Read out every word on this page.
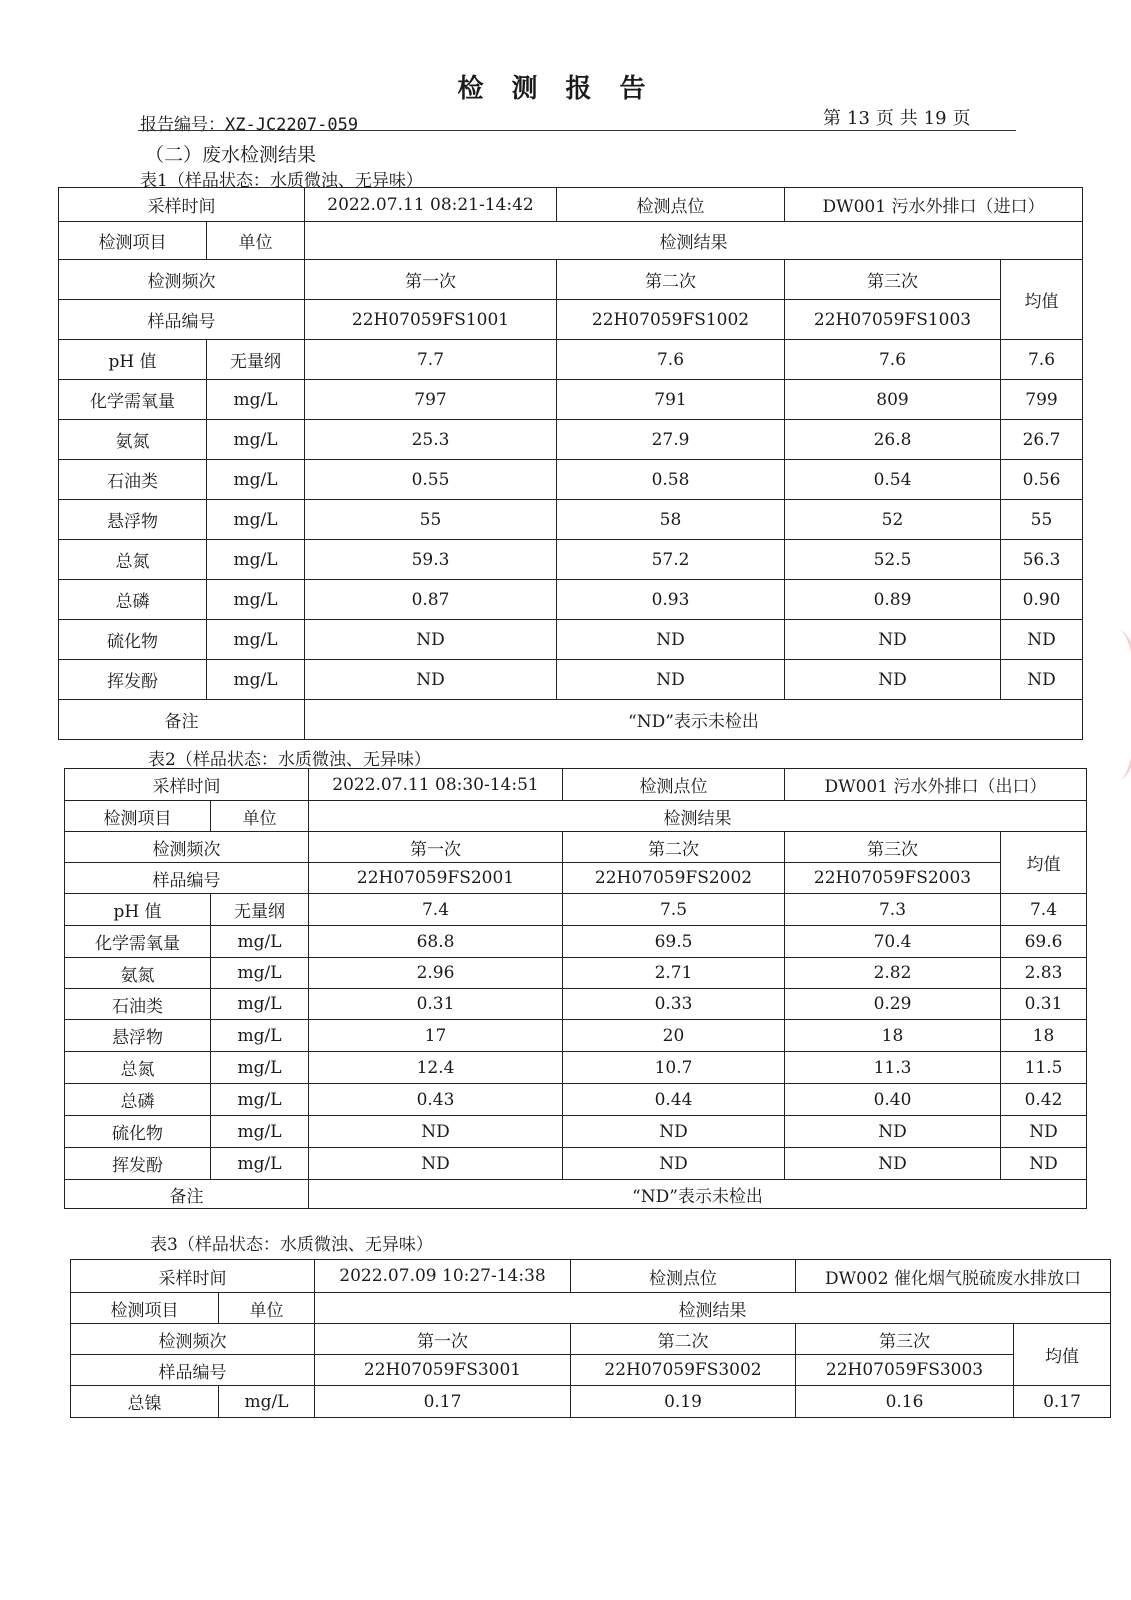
检测报告
报告编号：XZ-JC2207-059	第 13 页 共 19 页
（二）废水检测结果
表1（样品状态：水质微浊、无异味）
采样时间		2022.07.11 08:21-14:42	检测点位	DW001 污水外排口（进口）	
检测项目	单位	检测结果			
检测频次		第一次	第二次	第三次	均值
样品编号		22H07059FS1001	22H07059FS1002	22H07059FS1003	
pH 值	无量纲	7.7	7.6	7.6	7.6
化学需氧量	mg/L	797	791	809	799
氨氮	mg/L	25.3	27.9	26.8	26.7
石油类	mg/L	0.55	0.58	0.54	0.56
悬浮物	mg/L	55	58	52	55
总氮	mg/L	59.3	57.2	52.5	56.3
总磷	mg/L	0.87	0.93	0.89	0.90
硫化物	mg/L	ND	ND	ND	ND
挥发酚	mg/L	ND	ND	ND	ND
备注		“ND”表示未检出			
表2（样品状态：水质微浊、无异味）
采样时间		2022.07.11 08:30-14:51	检测点位	DW001 污水外排口（出口）	
检测项目	单位	检测结果			
检测频次		第一次	第二次	第三次	均值
样品编号		22H07059FS2001	22H07059FS2002	22H07059FS2003	
pH 值	无量纲	7.4	7.5	7.3	7.4
化学需氧量	mg/L	68.8	69.5	70.4	69.6
氨氮	mg/L	2.96	2.71	2.82	2.83
石油类	mg/L	0.31	0.33	0.29	0.31
悬浮物	mg/L	17	20	18	18
总氮	mg/L	12.4	10.7	11.3	11.5
总磷	mg/L	0.43	0.44	0.40	0.42
硫化物	mg/L	ND	ND	ND	ND
挥发酚	mg/L	ND	ND	ND	ND
备注		“ND”表示未检出			
表3（样品状态：水质微浊、无异味）
采样时间		2022.07.09 10:27-14:38	检测点位	DW002 催化烟气脱硫废水排放口	
检测项目	单位	检测结果			
检测频次		第一次	第二次	第三次	均值
样品编号		22H07059FS3001	22H07059FS3002	22H07059FS3003	
总镍	mg/L	0.17	0.19	0.16	0.17
